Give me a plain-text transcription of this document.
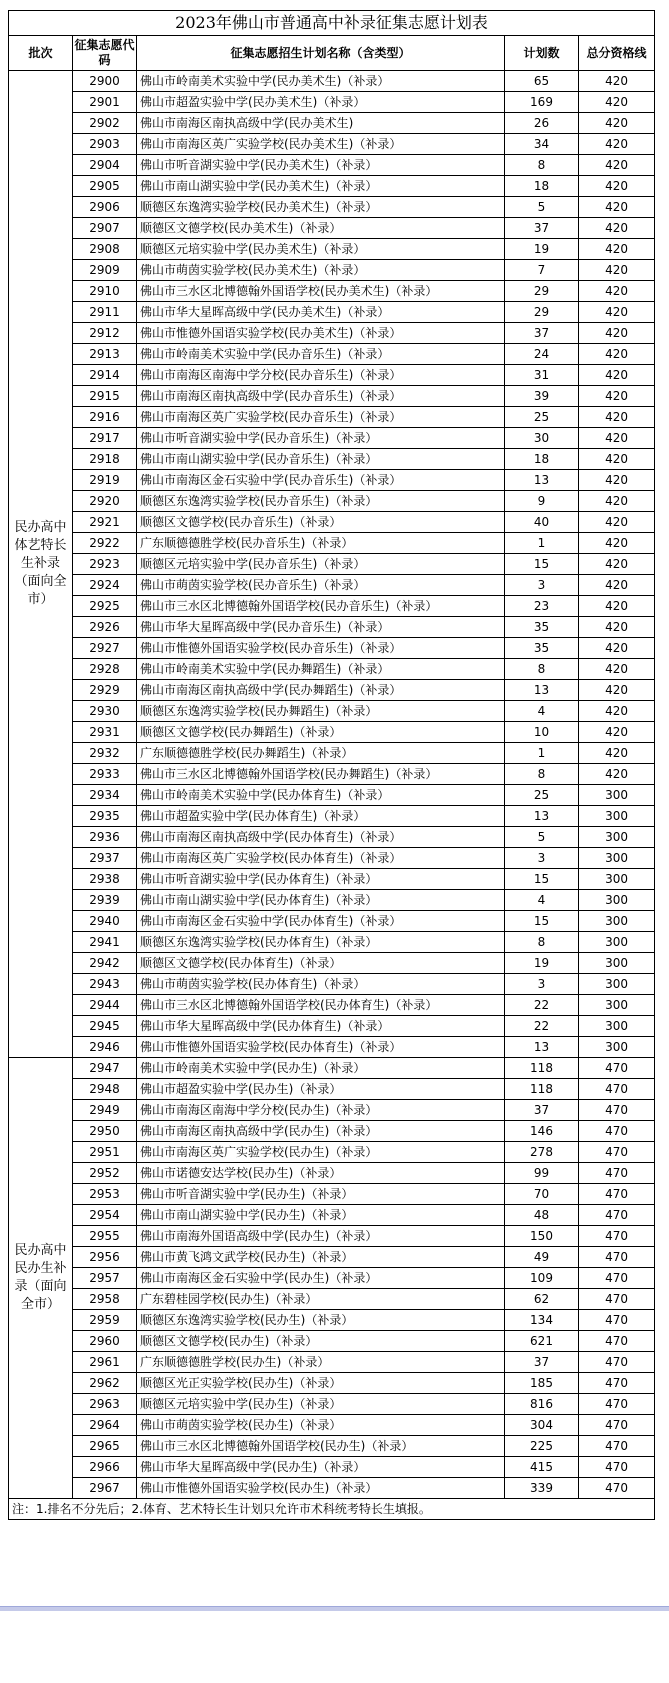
2023年佛山市普通高中补录征集志愿计划表				
批次	征集志愿代码	征集志愿招生计划名称（含类型）	计划数	总分资格线
民办高中体艺特长生补录（面向全市）	2900	佛山市岭南美术实验中学(民办美术生)（补录）	65	420
	2901	佛山市超盈实验中学(民办美术生)（补录）	169	420
	2902	佛山市南海区南执高级中学(民办美术生)	26	420
	2903	佛山市南海区英广实验学校(民办美术生)（补录）	34	420
	2904	佛山市听音湖实验中学(民办美术生)（补录）	8	420
	2905	佛山市南山湖实验中学(民办美术生)（补录）	18	420
	2906	顺德区东逸湾实验学校(民办美术生)（补录）	5	420
	2907	顺德区文德学校(民办美术生)（补录）	37	420
	2908	顺德区元培实验中学(民办美术生)（补录）	19	420
	2909	佛山市萌茵实验学校(民办美术生)（补录）	7	420
	2910	佛山市三水区北博德翰外国语学校(民办美术生)（补录）	29	420
	2911	佛山市华大星晖高级中学(民办美术生)（补录）	29	420
	2912	佛山市惟德外国语实验学校(民办美术生)（补录）	37	420
	2913	佛山市岭南美术实验中学(民办音乐生)（补录）	24	420
	2914	佛山市南海区南海中学分校(民办音乐生)（补录）	31	420
	2915	佛山市南海区南执高级中学(民办音乐生)（补录）	39	420
	2916	佛山市南海区英广实验学校(民办音乐生)（补录）	25	420
	2917	佛山市听音湖实验中学(民办音乐生)（补录）	30	420
	2918	佛山市南山湖实验中学(民办音乐生)（补录）	18	420
	2919	佛山市南海区金石实验中学(民办音乐生)（补录）	13	420
	2920	顺德区东逸湾实验学校(民办音乐生)（补录）	9	420
	2921	顺德区文德学校(民办音乐生)（补录）	40	420
	2922	广东顺德德胜学校(民办音乐生)（补录）	1	420
	2923	顺德区元培实验中学(民办音乐生)（补录）	15	420
	2924	佛山市萌茵实验学校(民办音乐生)（补录）	3	420
	2925	佛山市三水区北博德翰外国语学校(民办音乐生)（补录）	23	420
	2926	佛山市华大星晖高级中学(民办音乐生)（补录）	35	420
	2927	佛山市惟德外国语实验学校(民办音乐生)（补录）	35	420
	2928	佛山市岭南美术实验中学(民办舞蹈生)（补录）	8	420
	2929	佛山市南海区南执高级中学(民办舞蹈生)（补录）	13	420
	2930	顺德区东逸湾实验学校(民办舞蹈生)（补录）	4	420
	2931	顺德区文德学校(民办舞蹈生)（补录）	10	420
	2932	广东顺德德胜学校(民办舞蹈生)（补录）	1	420
	2933	佛山市三水区北博德翰外国语学校(民办舞蹈生)（补录）	8	420
	2934	佛山市岭南美术实验中学(民办体育生)（补录）	25	300
	2935	佛山市超盈实验中学(民办体育生)（补录）	13	300
	2936	佛山市南海区南执高级中学(民办体育生)（补录）	5	300
	2937	佛山市南海区英广实验学校(民办体育生)（补录）	3	300
	2938	佛山市听音湖实验中学(民办体育生)（补录）	15	300
	2939	佛山市南山湖实验中学(民办体育生)（补录）	4	300
	2940	佛山市南海区金石实验中学(民办体育生)（补录）	15	300
	2941	顺德区东逸湾实验学校(民办体育生)（补录）	8	300
	2942	顺德区文德学校(民办体育生)（补录）	19	300
	2943	佛山市萌茵实验学校(民办体育生)（补录）	3	300
	2944	佛山市三水区北博德翰外国语学校(民办体育生)（补录）	22	300
	2945	佛山市华大星晖高级中学(民办体育生)（补录）	22	300
	2946	佛山市惟德外国语实验学校(民办体育生)（补录）	13	300
民办高中民办生补录（面向全市）	2947	佛山市岭南美术实验中学(民办生)（补录）	118	470
	2948	佛山市超盈实验中学(民办生)（补录）	118	470
	2949	佛山市南海区南海中学分校(民办生)（补录）	37	470
	2950	佛山市南海区南执高级中学(民办生)（补录）	146	470
	2951	佛山市南海区英广实验学校(民办生)（补录）	278	470
	2952	佛山市诺德安达学校(民办生)（补录）	99	470
	2953	佛山市听音湖实验中学(民办生)（补录）	70	470
	2954	佛山市南山湖实验中学(民办生)（补录）	48	470
	2955	佛山市南海外国语高级中学(民办生)（补录）	150	470
	2956	佛山市黄飞鸿文武学校(民办生)（补录）	49	470
	2957	佛山市南海区金石实验中学(民办生)（补录）	109	470
	2958	广东碧桂园学校(民办生)（补录）	62	470
	2959	顺德区东逸湾实验学校(民办生)（补录）	134	470
	2960	顺德区文德学校(民办生)（补录）	621	470
	2961	广东顺德德胜学校(民办生)（补录）	37	470
	2962	顺德区光正实验学校(民办生)（补录）	185	470
	2963	顺德区元培实验中学(民办生)（补录）	816	470
	2964	佛山市萌茵实验学校(民办生)（补录）	304	470
	2965	佛山市三水区北博德翰外国语学校(民办生)（补录）	225	470
	2966	佛山市华大星晖高级中学(民办生)（补录）	415	470
	2967	佛山市惟德外国语实验学校(民办生)（补录）	339	470
注：1.排名不分先后；2.体育、艺术特长生计划只允许市术科统考特长生填报。				
